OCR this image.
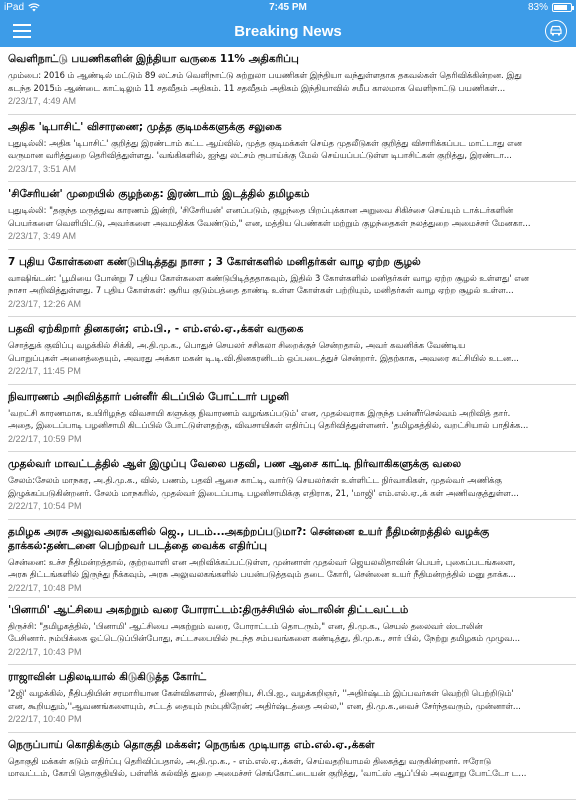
iPad	7:45 PM	83%
Breaking News
வெளிநாட்டு பயணிகளின் இந்தியா வருகை 11% அதிகரிப்பு
மும்பை: 2016 ம் ஆண்டில் மட்டும் 89 லட்சம் வெளிநாட்டு சுற்றுலா பயணிகள் இந்தியா வந்துள்ளதாக தகவல்கள் தெரிவிக்கின்றன. இது
கடந்த 2015ம் ஆண்டை காட்டிலும் 11 சதவீதம் அதிகம். 11 சதவீதம் அதிகம் இந்தியாவில் சமீப காலமாக வெளிநாட்டு பயணிகள்...
2/23/17, 4:49 AM
அதிக 'டிபாசிட்' விசாரணை; முத்த குடிமக்களுக்கு சலுகை
புதுடில்லி: அதிக 'டிபாசிட்' குறித்து இரண்டாம் கட்ட ஆய்வில், முத்த குடிமக்கள் செய்த முதலீடுகள் குறித்து விசாரிக்கப்பட மாட்டாது என
வருமான வரித்துறை தெரிவித்துள்ளது. 'வங்கிகளில், ஐந்து லட்சம் ரூபாய்க்கு மேல் செய்யப்பட்டுள்ள டிபாசிட்கள் குறித்து, இரண்டா...
2/23/17, 3:51 AM
'சிசேரியன்' முறையில் குழந்தை: இரண்டாம் இடத்தில் தமிழகம்
புதுடில்லி: "தகுந்த மருத்துவ காரணம் இன்றி, 'சிசேரியன்' எனப்படும், குழந்தை பிறப்புக்கான அறுவை சிகிச்சை செய்யும் டாக்டர்களின்
பெயர்களை வெளியிட்டு, அவர்களை அவமதிக்க வேண்டும்," என, மத்திய பெண்கள் மற்றும் குழந்தைகள் நலத்துறை அமைச்சர் மேனகா...
2/23/17, 3:49 AM
7 புதிய கோள்களை கண்டுபிடித்தது நாசா ; 3 கோள்களில் மனிதர்கள் வாழ ஏற்ற சூழல்
வாஷிங்டன்: 'பூமியை போன்று 7 புதிய கோள்களை கண்டுபிடித்ததாகவும், இதில் 3 கோள்களில் மனிதர்கள் வாழ ஏற்ற சூழல் உள்ளது' என
நாசா அறிவித்துள்ளது. 7 புதிய கோள்கள்: சூரிய குடும்பத்தை தாண்டி உள்ள கோள்கள் பற்றியும், மனிதர்கள் வாழ ஏற்ற சூழல் உள்ள...
2/23/17, 12:26 AM
பதவி ஏற்கிறார் தினகரன்; எம்.பி., - எம்.எல்.ஏ.,க்கள் வருகை
சொத்துக் குவிப்பு வழக்கில் சிக்கி, அ.தி.மு.க., பொதுச் செயலர் சசிகலா சிறைக்குச் சென்றதால், அவர் கவனிக்க வேண்டிய
பொறுப்புகள் அனைத்தையும், அவரது அக்கா மகன் டி.டி.வி.தினகரனிடம் ஒப்படைத்துச் சென்றார். இதற்காக, அவரை கட்சியில் உடன...
2/22/17, 11:45 PM
நிவாரணம் அறிவித்தார் பன்னீர் கிடப்பில் போட்டார் பழனி
'வறட்சி காரணமாக, உயிரிழந்த விவசாயி களுக்கு நிவாரணம் வழங்கப்படும்' என, முதல்வராக இருந்த பன்னீர்செல்வம் அறிவித் தார்.
அதை, இடைப்பாடி பழனிசாமி கிடப்பில் போட்டுள்ளதற்கு, விவசாயிகள் எதிர்ப்பு தெரிவித்துள்ளனர். 'தமிழகத்தில், வறட்சியால் பாதிக்க...
2/22/17, 10:59 PM
முதல்வர் மாவட்டத்தில் ஆள் இழுப்பு வேலை பதவி, பண ஆசை காட்டி நிர்வாகிகளுக்கு வலை
சேலம்:சேலம் மாநகர, அ.தி.மு.க., வில், பணம், பதவி ஆசை காட்டி, வார்டு செயலர்கள் உள்ளிட்ட நிர்வாகிகள், முதல்வர் அணிக்கு
இழுக்கப்படுகின்றனர். சேலம் மாநகரில், முதல்வர் இடைப்பாடி பழனிசாமிக்கு எதிராக, 21, 'மாஜி' எம்.எல்.ஏ.,க் கள் அணிவகுத்துள்ள...
2/22/17, 10:54 PM
தமிழக அரசு அலுவலகங்களில் ஜெ., படம்...அகற்றப்படுமா?: சென்னை உயர் நீதிமன்றத்தில் வழக்கு
தாக்கல்:தண்டனை பெற்றவர் படத்தை வைக்க எதிர்ப்பு
சென்னை: உச்ச நீதிமன்றத்தால், குற்றவாளி என அறிவிக்கப்பட்டுள்ள, முன்னாள் முதல்வர் ஜெயலலிதாவின் பெயர், புகைப்படங்களை,
அரசு திட்டங்களில் இருந்து நீக்கவும், அரசு அலுவலகங்களில் பயன்படுத்தவும் தடை கோரி, சென்னை உயர் நீதிமன்றத்தில் மனு தாக்க...
2/22/17, 10:48 PM
'பினாமி' ஆட்சியை அகற்றும் வரை போராட்டம்:திருச்சியில் ஸ்டாலின் திட்டவட்டம்
திருச்சி: "தமிழகத்தில், 'பினாமி' ஆட்சியை அகற்றும் வரை, போராட்டம் தொடரும்," என, தி.மு.க., செயல் தலைவர் ஸ்டாலின்
பேசினார். நம்பிக்கை ஓட்டெடுப்பின்போது, சட்டசபையில் நடந்த சம்பவங்களை கண்டித்து, தி.மு.க., சார் பில், நேற்று தமிழகம் முழுவ...
2/22/17, 10:43 PM
ராஜாவின் பதிலடியால் கிடுகிடுத்த கோர்ட்
'2ஜி' வழக்கில், நீதிபதியின் சரமாரியான கேள்விகளால், திணறிய, சி.பி.ஐ., வழக்கறிஞர், ''அதிர்ஷ்டம் இப்பவர்கள் வெற்றி பெற்றிடும்'
என, கூறியதும்,''ஆவணங்களையும், சட்டத் தையும் நம்புகிறேன்; அதிர்ஷ்டத்தை அல்ல,'' என, தி.மு.க.,வைச் சேர்ந்தவரும், முன்னாள்...
2/22/17, 10:40 PM
நெருப்பாய் கொதிக்கும் தொகுதி மக்கள்; நெருங்க முடியாத எம்.எல்.ஏ.,க்கள்
தொகுதி மக்கள் கடும் எதிர்ப்பு தெரிவிப்பதால், அ.தி.மு.க., - எம்.எல்.ஏ.,க்கள், செய்வதறியாமல் திகைத்து வருகின்றனர். ஈரோடு
மாவட்டம், கோபி தொகுதியில், பள்ளிக் கல்வித் துறை அமைச்சர் செங்கோட்டையன் குறித்து, 'வாட்ஸ் ஆப்'பில் அவதுாறு போட்டோ ட...
